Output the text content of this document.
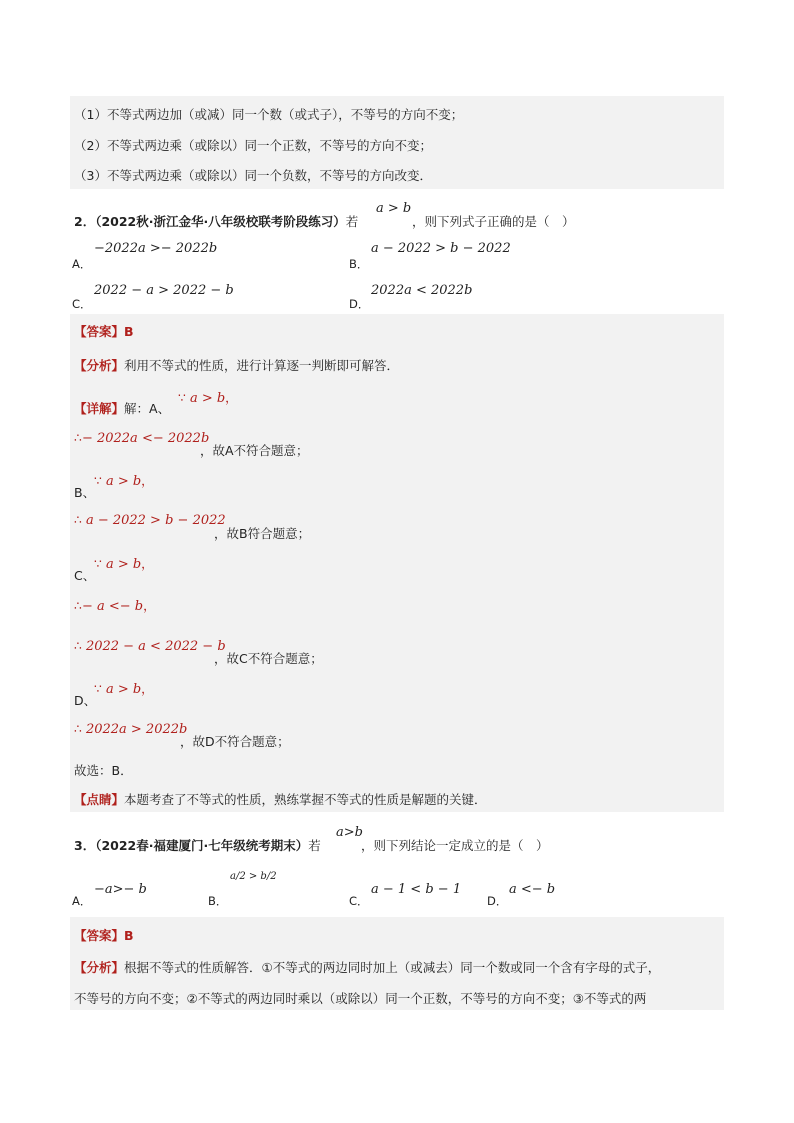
（1）不等式两边加（或减）同一个数（或式子），不等号的方向不变；
（2）不等式两边乘（或除以）同一个正数，不等号的方向不变；
（3）不等式两边乘（或除以）同一个负数，不等号的方向改变．
2．（2022秋·浙江金华·八年级校联考阶段练习）若
a > b
，则下列式子正确的是（　）
A．
−2022a >− 2022b
B．
a − 2022 > b − 2022
C．
2022 − a > 2022 − b
D．
2022a < 2022b
【答案】B
【分析】利用不等式的性质，进行计算逐一判断即可解答．
【详解】解：A、
∵ a > b，
∴− 2022a <− 2022b
，故A不符合题意；
B、
∵ a > b，
∴ a − 2022 > b − 2022
，故B符合题意；
C、
∵ a > b，
∴− a <− b，
∴ 2022 − a < 2022 − b
，故C不符合题意；
D、
∵ a > b，
∴ 2022a > 2022b
，故D不符合题意；
故选：B．
【点睛】本题考查了不等式的性质，熟练掌握不等式的性质是解题的关键．
3．（2022春·福建厦门·七年级统考期末）若
a>b
，则下列结论一定成立的是（　）
A．
−a>− b
B．
a/2 > b/2
C．
a − 1 < b − 1
D．
a <− b
【答案】B
【分析】根据不等式的性质解答．①不等式的两边同时加上（或减去）同一个数或同一个含有字母的式子，
不等号的方向不变；②不等式的两边同时乘以（或除以）同一个正数，不等号的方向不变；③不等式的两
